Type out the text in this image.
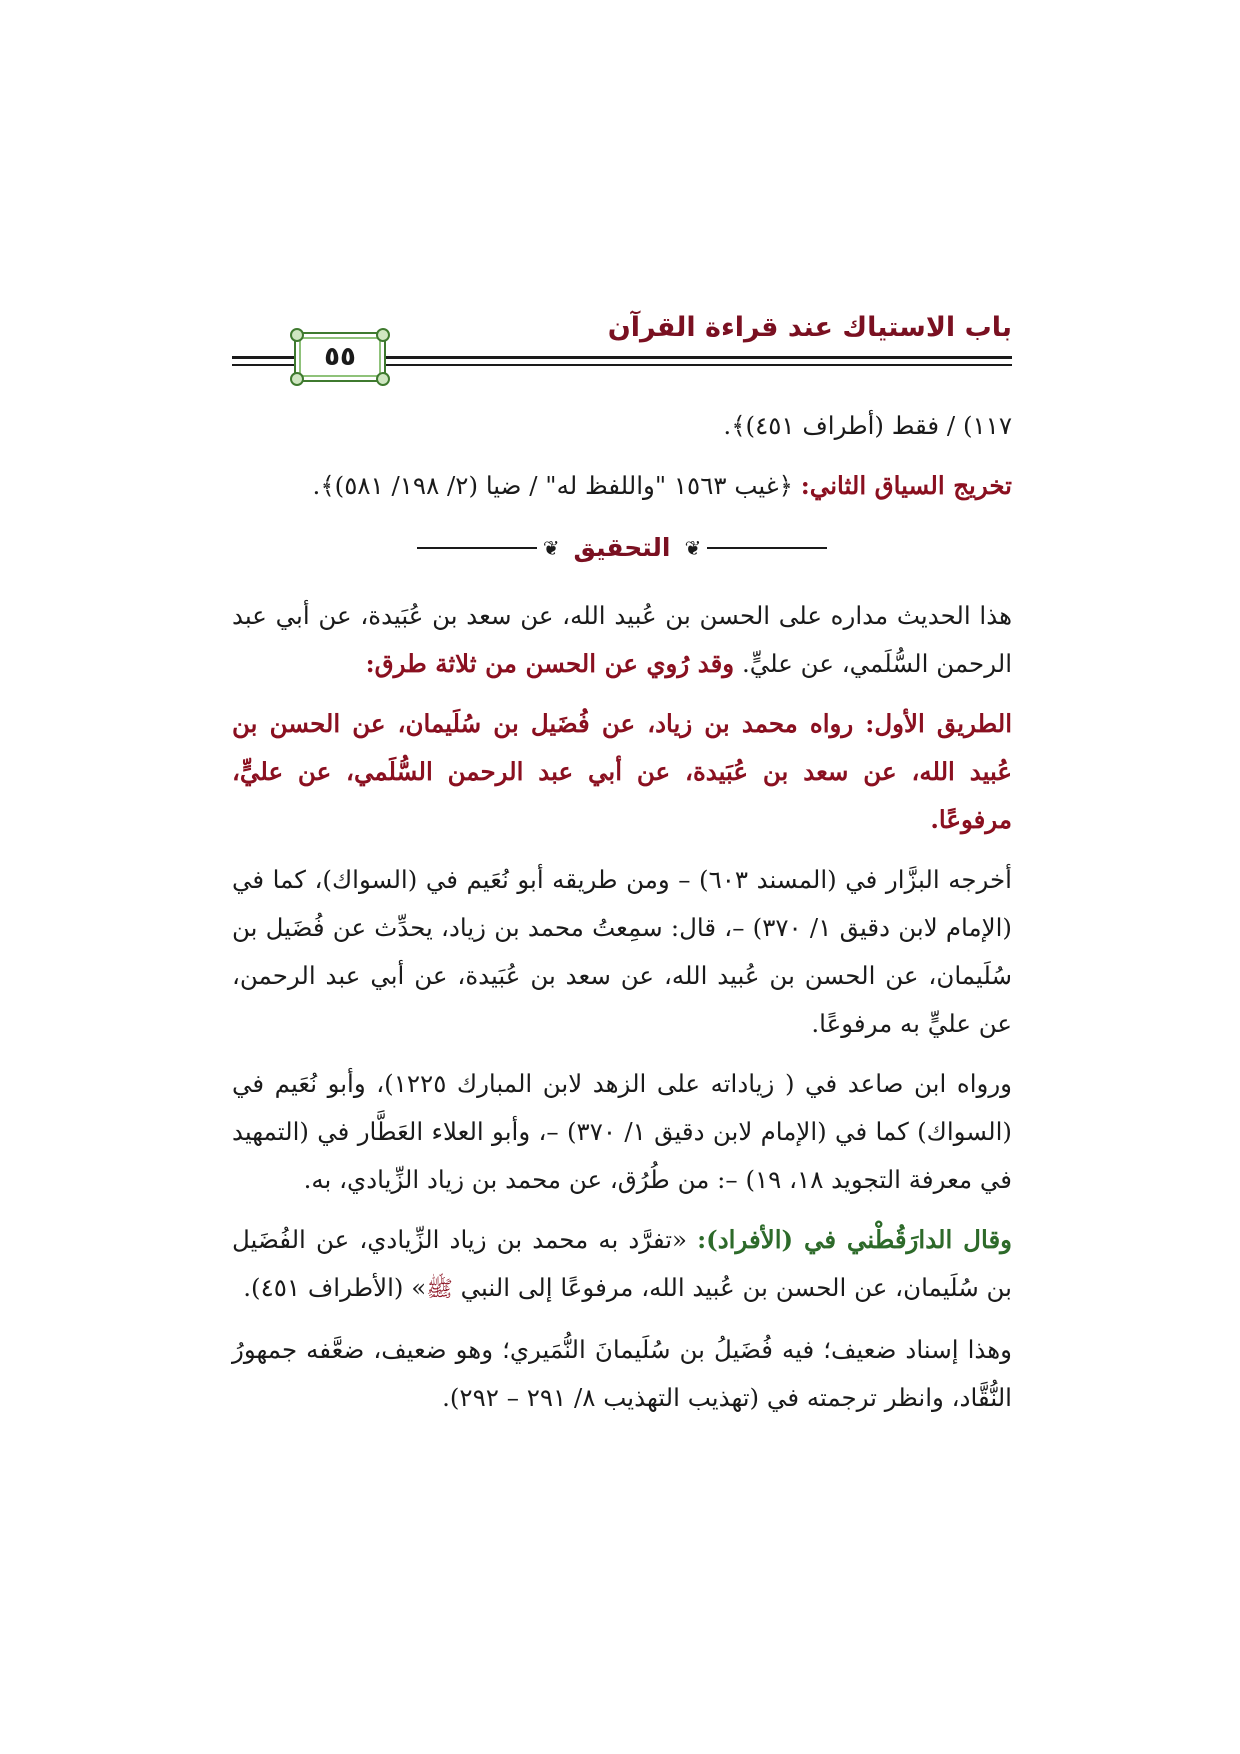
باب الاستياك عند قراءة القرآن
٥٥

١١٧) / فقط (أطراف ٤٥١)﴾.

تخريج السياق الثاني: ﴿غيب ١٥٦٣ "واللفظ له" / ضيا (٢/ ١٩٨/ ٥٨١)﴾.

❦
التحقيق
❦

هذا الحديث مداره على الحسن بن عُبيد الله، عن سعد بن عُبَيدة، عن أبي عبد الرحمن السُّلَمي، عن عليٍّ. وقد رُوي عن الحسن من ثلاثة طرق:

الطريق الأول: رواه محمد بن زياد، عن فُضَيل بن سُلَيمان، عن الحسن بن عُبيد الله، عن سعد بن عُبَيدة، عن أبي عبد الرحمن السُّلَمي، عن عليٍّ، مرفوعًا.

أخرجه البزَّار في (المسند ٦٠٣) – ومن طريقه أبو نُعَيم في (السواك)، كما في (الإمام لابن دقيق ١/ ٣٧٠) –، قال: سمِعتُ محمد بن زياد، يحدِّث عن فُضَيل بن سُلَيمان، عن الحسن بن عُبيد الله، عن سعد بن عُبَيدة، عن أبي عبد الرحمن، عن عليٍّ به مرفوعًا.

ورواه ابن صاعد في ( زياداته على الزهد لابن المبارك ١٢٢٥)، وأبو نُعَيم في (السواك) كما في (الإمام لابن دقيق ١/ ٣٧٠) –، وأبو العلاء العَطَّار في (التمهيد في معرفة التجويد ١٨، ١٩) –: من طُرُق، عن محمد بن زياد الزِّيادي، به.

وقال الدارَقُطْني في (الأفراد): «تفرَّد به محمد بن زياد الزِّيادي، عن الفُضَيل بن سُلَيمان، عن الحسن بن عُبيد الله، مرفوعًا إلى النبي ﷺ» (الأطراف ٤٥١).

وهذا إسناد ضعيف؛ فيه فُضَيلُ بن سُلَيمانَ النُّمَيري؛ وهو ضعيف، ضعَّفه جمهورُ النُّقَّاد، وانظر ترجمته في (تهذيب التهذيب ٨/ ٢٩١ – ٢٩٢).
